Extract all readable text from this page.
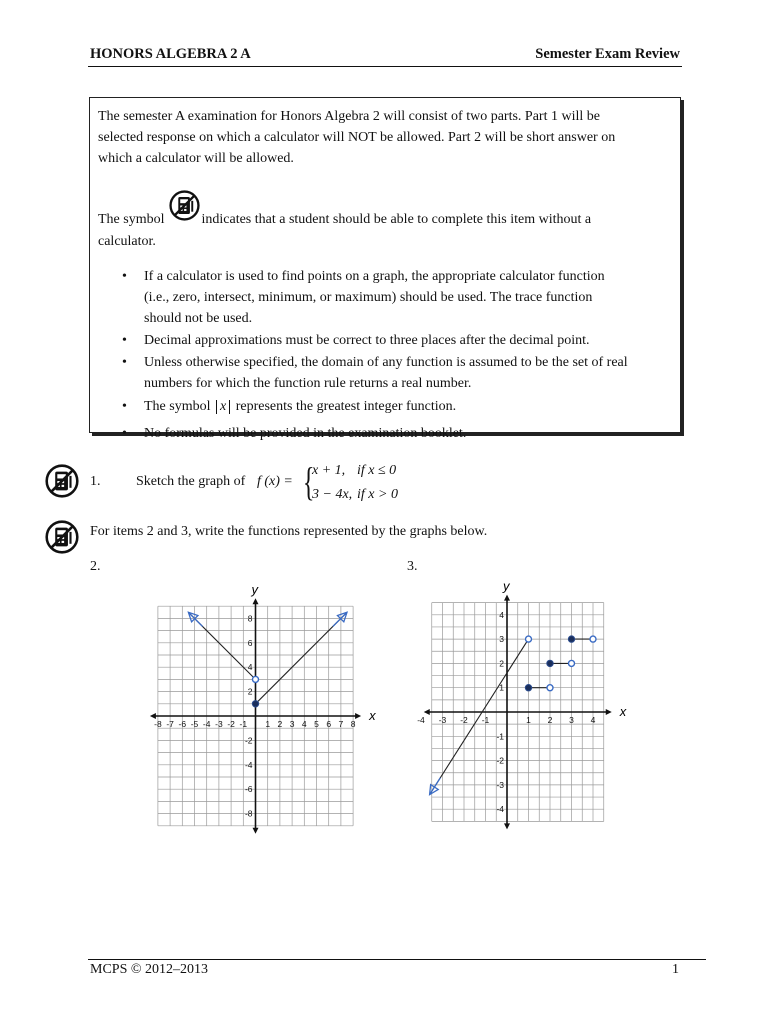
HONORS ALGEBRA 2 A	Semester Exam Review

The semester A examination for Honors Algebra 2 will consist of two parts. Part 1 will be

selected response on which a calculator will NOT be allowed. Part 2 will be short answer on

which a calculator will be allowed.

The symbol	indicates that a student should be able to complete this item without a

calculator.

• If a calculator is used to find points on a graph, the appropriate calculator function
(i.e., zero, intersect, minimum, or maximum) should be used. The trace function
should not be used.
• Decimal approximations must be correct to three places after the decimal point.
• Unless otherwise specified, the domain of any function is assumed to be the set of real
numbers for which the function rule returns a real number.
• The symbol x represents the greatest integer function.
• No formulas will be provided in the examination booklet.
1.	Sketch the graph of f (x) = {
x + 1, if x ≤ 0
3 − 4x, if x > 0
For items 2 and 3, write the functions represented by the graphs below.
2.	3.
x
y
-8 -7 -6 -5 -4 -3 -2 -1 1 2 3 4 5 6 7 8
8
6
4
2
-2
-4
-6
-8
x
y
-4 -3 -2 -1	1 2 3 4
4
3
2
1
-1
-2
-3
-4
MCPS © 2012–2013	1
